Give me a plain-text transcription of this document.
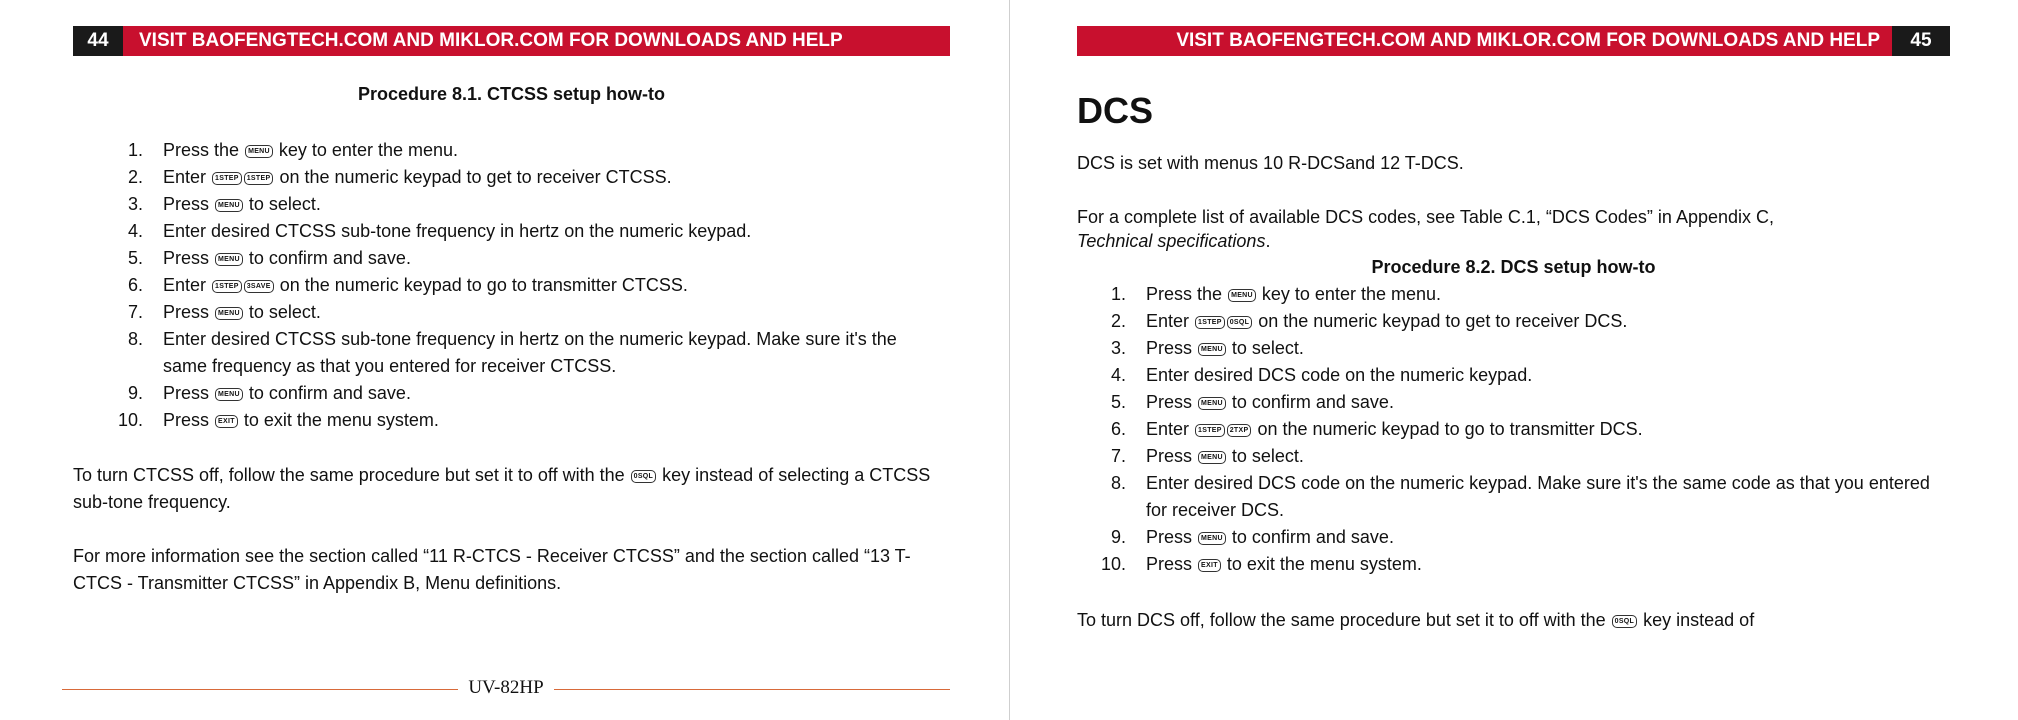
44	VISIT BAOFENGTECH.COM AND MIKLOR.COM FOR DOWNLOADS AND HELP
Procedure 8.1. CTCSS setup how-to
1. Press the MENU key to enter the menu.
2. Enter 1STEP 1STEP on the numeric keypad to get to receiver CTCSS.
3. Press MENU to select.
4. Enter desired CTCSS sub-tone frequency in hertz on the numeric keypad.
5. Press MENU to confirm and save.
6. Enter 1STEP 3SAVE on the numeric keypad to go to transmitter CTCSS.
7. Press MENU to select.
8. Enter desired CTCSS sub-tone frequency in hertz on the numeric keypad. Make sure it's the same frequency as that you entered for receiver CTCSS.
9. Press MENU to confirm and save.
10. Press EXIT to exit the menu system.
To turn CTCSS off, follow the same procedure but set it to off with the 0SQL key instead of selecting a CTCSS sub-tone frequency.
For more information see the section called “11 R-CTCS - Receiver CTCSS” and the section called “13 T-CTCS - Transmitter CTCSS” in Appendix B, Menu definitions.
UV-82HP
VISIT BAOFENGTECH.COM AND MIKLOR.COM FOR DOWNLOADS AND HELP	45
DCS
DCS is set with menus 10 R-DCSand 12 T-DCS.
For a complete list of available DCS codes, see Table C.1, “DCS Codes” in Appendix C,
Technical specifications.
Procedure 8.2. DCS setup how-to
1. Press the MENU key to enter the menu.
2. Enter 1STEP 0SQL on the numeric keypad to get to receiver DCS.
3. Press MENU to select.
4. Enter desired DCS code on the numeric keypad.
5. Press MENU to confirm and save.
6. Enter 1STEP 2TXP on the numeric keypad to go to transmitter DCS.
7. Press MENU to select.
8. Enter desired DCS code on the numeric keypad. Make sure it's the same code as that you entered for receiver DCS.
9. Press MENU to confirm and save.
10. Press EXIT to exit the menu system.
To turn DCS off, follow the same procedure but set it to off with the 0SQL key instead of
